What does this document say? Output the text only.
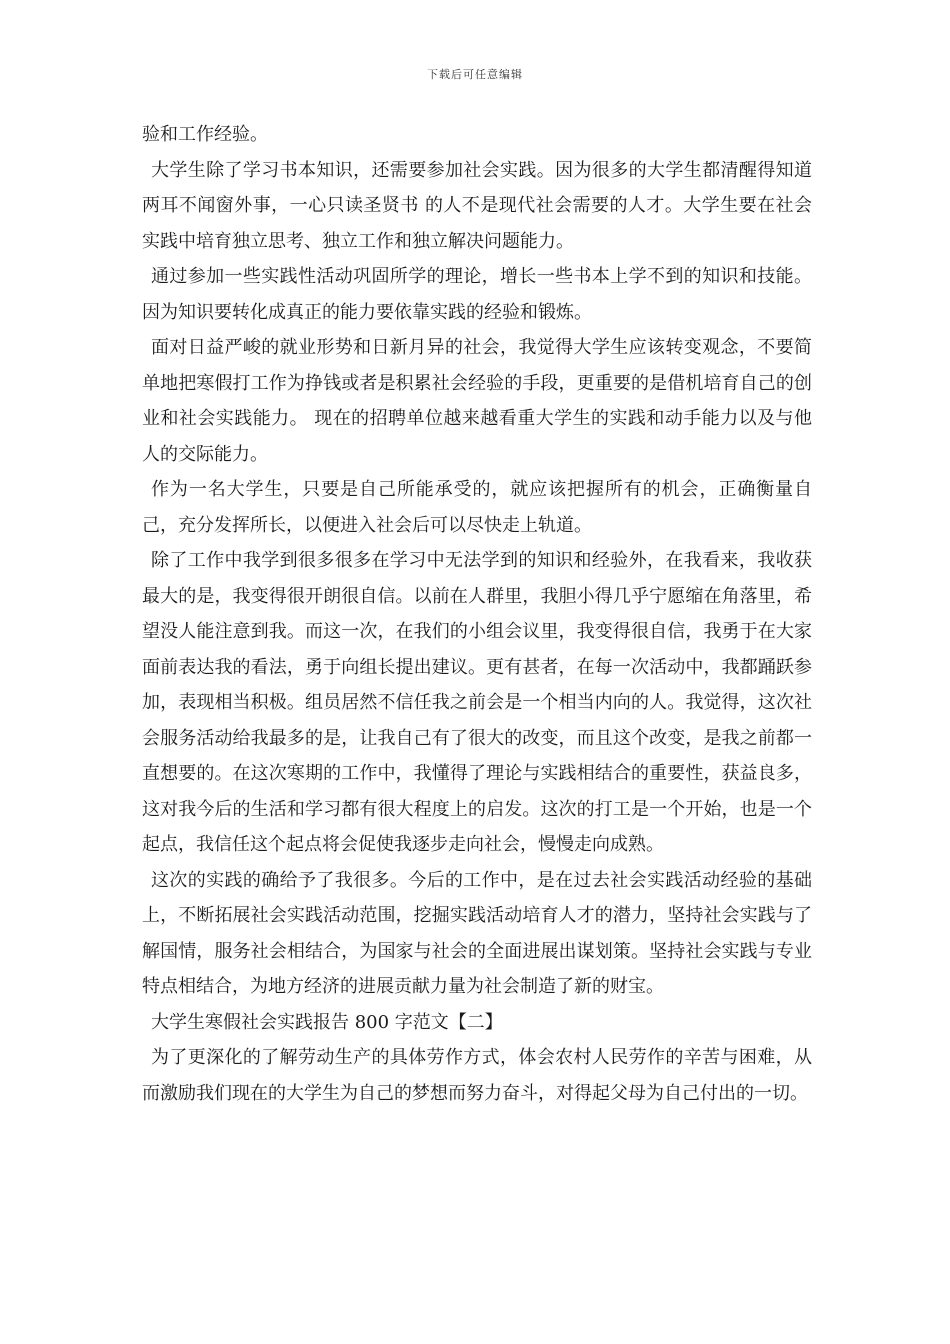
下载后可任意编辑

验和工作经验。

大学生除了学习书本知识，还需要参加社会实践。因为很多的大学生都清醒得知道 两耳不闻窗外事，一心只读圣贤书 的人不是现代社会需要的人才。大学生要在社会实践中培育独立思考、独立工作和独立解决问题能力。

通过参加一些实践性活动巩固所学的理论，增长一些书本上学不到的知识和技能。因为知识要转化成真正的能力要依靠实践的经验和锻炼。

面对日益严峻的就业形势和日新月异的社会，我觉得大学生应该转变观念，不要简单地把寒假打工作为挣钱或者是积累社会经验的手段，更重要的是借机培育自己的创业和社会实践能力。 现在的招聘单位越来越看重大学生的实践和动手能力以及与他人的交际能力。

作为一名大学生，只要是自己所能承受的，就应该把握所有的机会，正确衡量自己，充分发挥所长，以便进入社会后可以尽快走上轨道。

除了工作中我学到很多很多在学习中无法学到的知识和经验外，在我看来，我收获最大的是，我变得很开朗很自信。以前在人群里，我胆小得几乎宁愿缩在角落里，希望没人能注意到我。而这一次，在我们的小组会议里，我变得很自信，我勇于在大家面前表达我的看法，勇于向组长提出建议。更有甚者，在每一次活动中，我都踊跃参加，表现相当积极。组员居然不信任我之前会是一个相当内向的人。我觉得，这次社会服务活动给我最多的是，让我自己有了很大的改变，而且这个改变，是我之前都一直想要的。在这次寒期的工作中，我懂得了理论与实践相结合的重要性，获益良多，这对我今后的生活和学习都有很大程度上的启发。这次的打工是一个开始，也是一个起点，我信任这个起点将会促使我逐步走向社会，慢慢走向成熟。

这次的实践的确给予了我很多。今后的工作中，是在过去社会实践活动经验的基础上，不断拓展社会实践活动范围，挖掘实践活动培育人才的潜力，坚持社会实践与了解国情，服务社会相结合，为国家与社会的全面进展出谋划策。坚持社会实践与专业特点相结合，为地方经济的进展贡献力量为社会制造了新的财宝。

大学生寒假社会实践报告 800 字范文【二】

为了更深化的了解劳动生产的具体劳作方式，体会农村人民劳作的辛苦与困难，从而激励我们现在的大学生为自己的梦想而努力奋斗，对得起父母为自己付出的一切。
